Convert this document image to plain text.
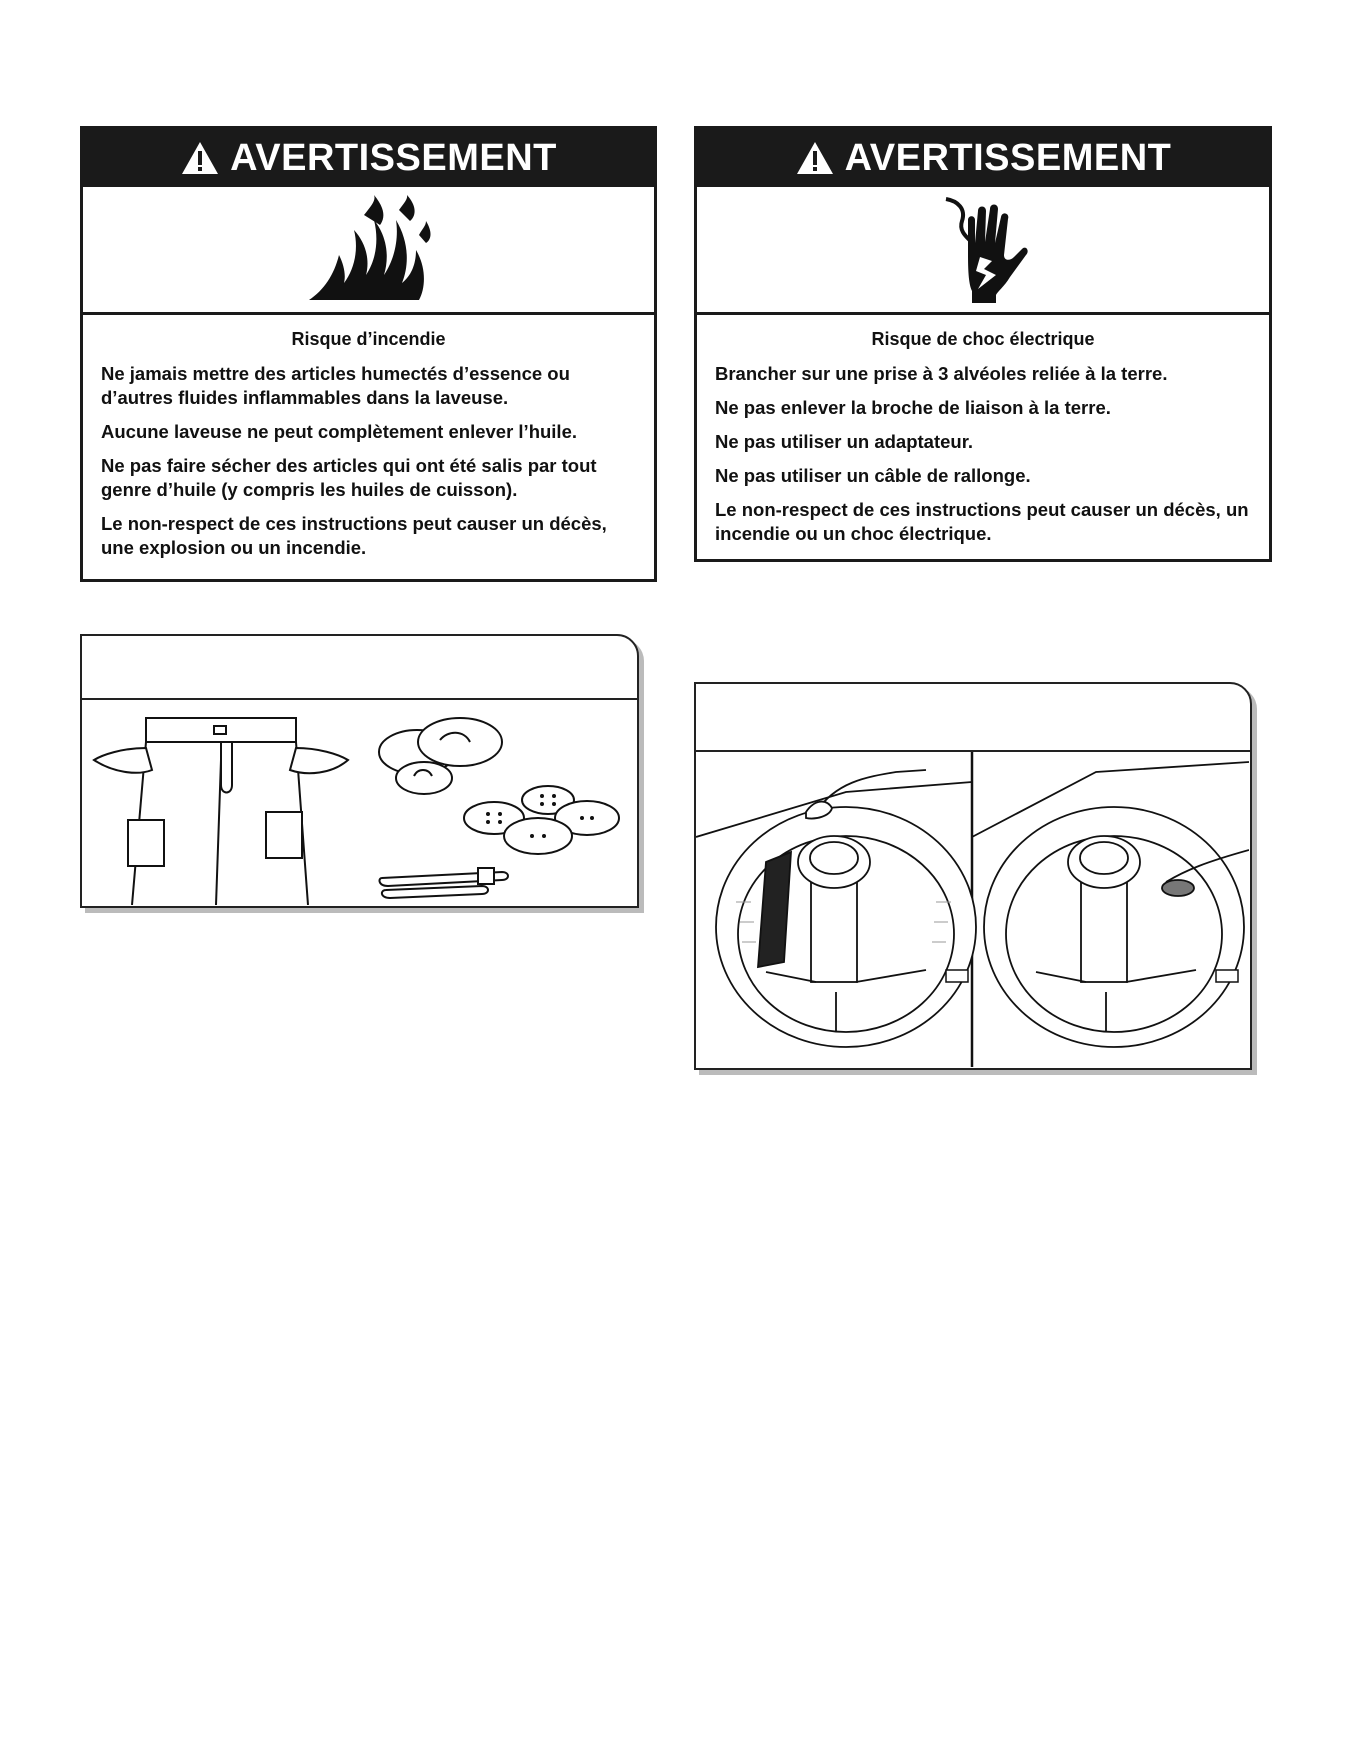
AVERTISSEMENT
Risque d’incendie
Ne jamais mettre des articles humectés d’essence ou d’autres fluides inflammables dans la laveuse.
Aucune laveuse ne peut complètement enlever l’huile.
Ne pas faire sécher des articles qui ont été salis par tout genre d’huile (y compris les huiles de cuisson).
Le non-respect de ces instructions peut causer un décès, une explosion ou un incendie.
AVERTISSEMENT
Risque de choc électrique
Brancher sur une prise à 3 alvéoles reliée à la terre.
Ne pas enlever la broche de liaison à la terre.
Ne pas utiliser un adaptateur.
Ne pas utiliser un câble de rallonge.
Le non-respect de ces instructions peut causer un décès, un incendie ou un choc électrique.
